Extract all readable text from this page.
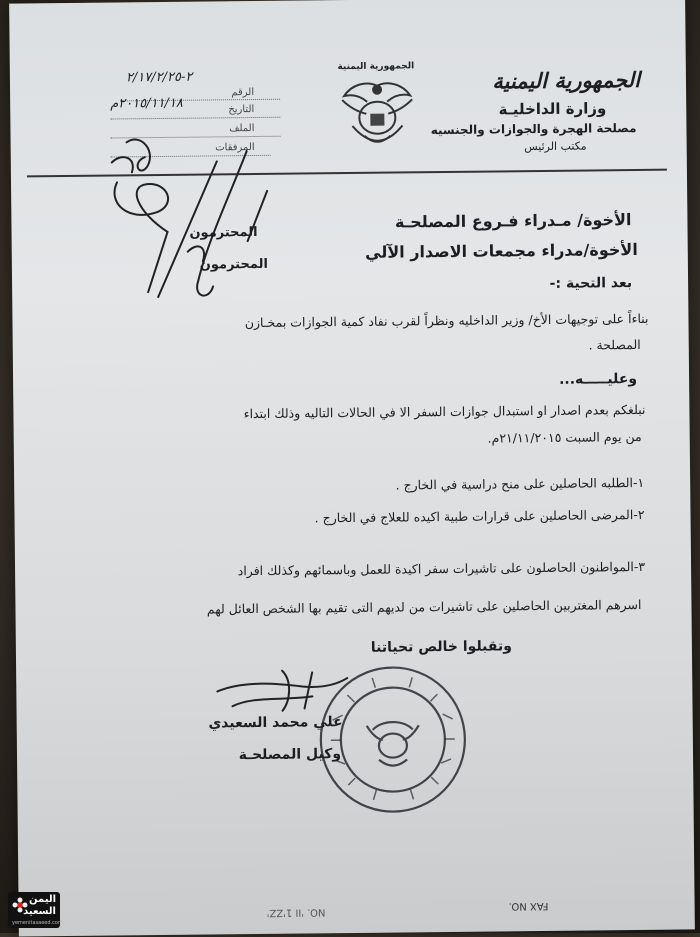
الجمهورية اليمنية
وزارة الداخليـة
مصلحة الهجرة والجوازات والجنسيه
مكتب الرئيس
الجمهورية اليمنية
الرقم
التاريخ
الملف
المرفقات
٢-٢/١٧/٢/٢٥
٢٠١٥/١١/١٨م
الأخوة/ مـدراء فـروع المصلحـة
الأخوة/مدراء مجمعات الاصدار الآلي
المحترمون
المحترمون
بعد التحية :-
بناءاً على توجيهات الأخ/ وزير الداخليه ونظراً لقرب نفاد كمية الجوازات بمخـازن
المصلحة .
وعليـــــه...
نبلغكم بعدم اصدار او استبدال جوازات السفر الا في الحالات التاليه وذلك ابتداء
من يوم السبت ٢١/١١/٢٠١٥م.
١-الطلبه الحاصلين على منح دراسية في الخارج .
٢-المرضى الحاصلين على قرارات طبية اكيده للعلاج في الخارج .
٣-المواطنون الحاصلون على تاشيرات سفر اكيدة للعمل وباسمائهم وكذلك افراد
اسرهم المغتربين الحاصلين على تاشيرات من لديهم التى تقيم بها الشخص العائل لهم
وتقبلوا خالص تحياتنا
علي محمد السعيدي
وكيل المصلحـة
FAX NO.
NO. 'II 1'ZZ'
اليمن السعيد
yemenitasaeed.com
